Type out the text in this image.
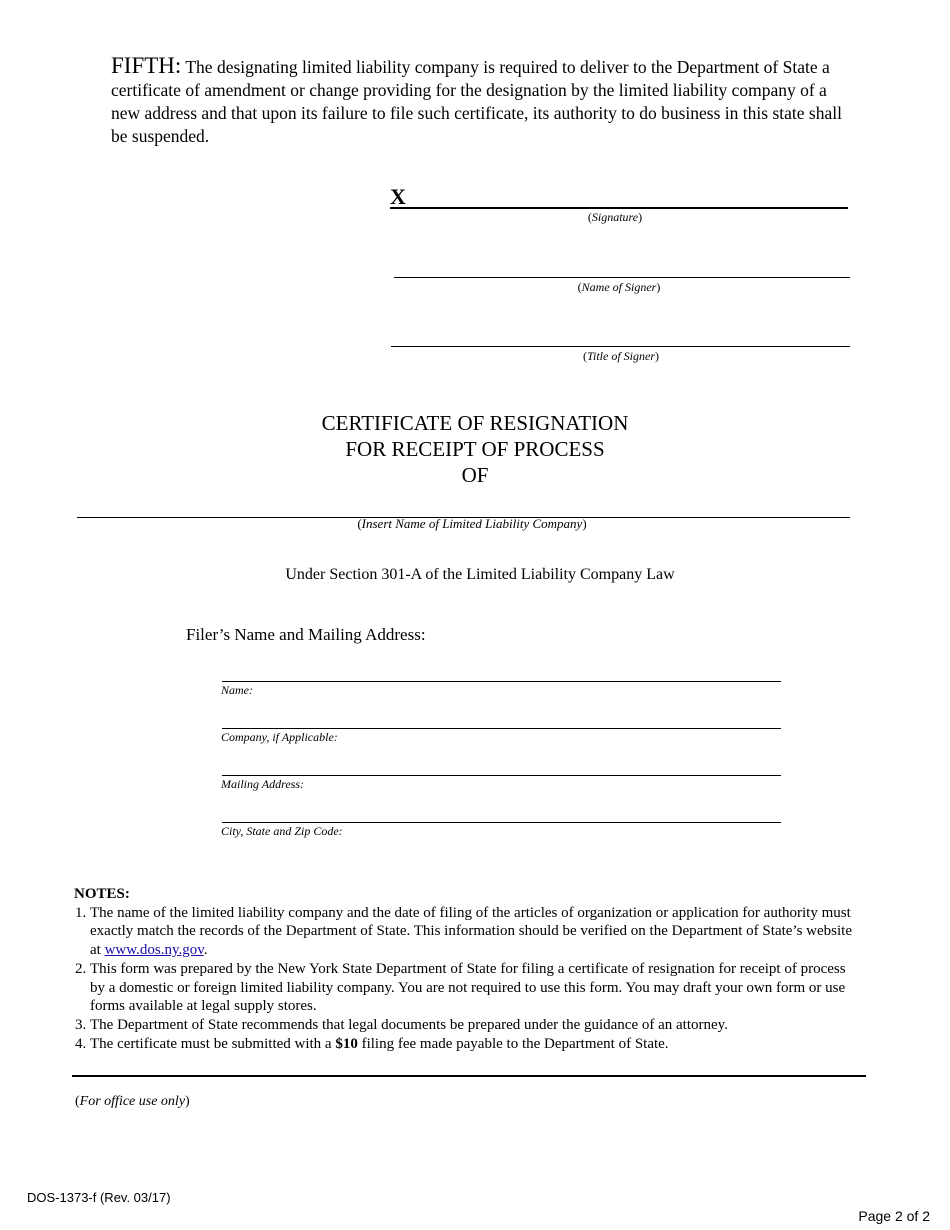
FIFTH: The designating limited liability company is required to deliver to the Department of State a certificate of amendment or change providing for the designation by the limited liability company of a new address and that upon its failure to file such certificate, its authority to do business in this state shall be suspended.
X
(Signature)
(Name of Signer)
(Title of Signer)
CERTIFICATE OF RESIGNATION
FOR RECEIPT OF PROCESS
OF
(Insert Name of Limited Liability Company)
Under Section 301-A of the Limited Liability Company Law
Filer’s Name and Mailing Address:
Name:
Company, if Applicable:
Mailing Address:
City, State and Zip Code:
NOTES:
1. The name of the limited liability company and the date of filing of the articles of organization or application for authority must exactly match the records of the Department of State. This information should be verified on the Department of State’s website at www.dos.ny.gov.
2. This form was prepared by the New York State Department of State for filing a certificate of resignation for receipt of process by a domestic or foreign limited liability company. You are not required to use this form. You may draft your own form or use forms available at legal supply stores.
3. The Department of State recommends that legal documents be prepared under the guidance of an attorney.
4. The certificate must be submitted with a $10 filing fee made payable to the Department of State.
(For office use only)
DOS-1373-f (Rev. 03/17)
Page 2 of 2
